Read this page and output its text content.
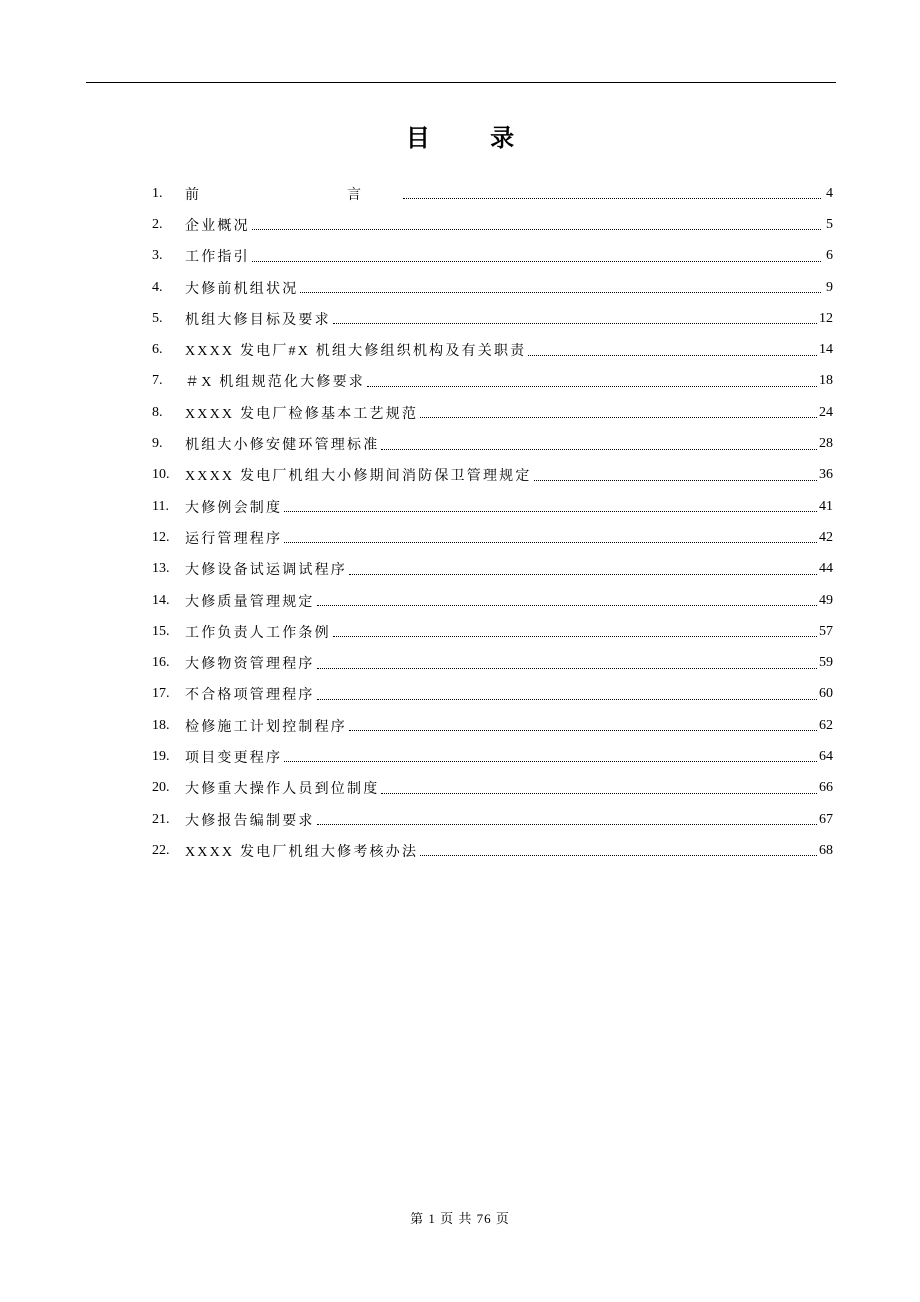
目 录
1.	前　　言	4
2.	企业概况	5
3.	工作指引	6
4.	大修前机组状况	9
5.	机组大修目标及要求	12
6.	XXXX 发电厂#X 机组大修组织机构及有关职责	14
7.	＃X 机组规范化大修要求	18
8.	XXXX 发电厂检修基本工艺规范	24
9.	机组大小修安健环管理标准	28
10.	XXXX 发电厂机组大小修期间消防保卫管理规定	36
11.	大修例会制度	41
12.	运行管理程序	42
13.	大修设备试运调试程序	44
14.	大修质量管理规定	49
15.	工作负责人工作条例	57
16.	大修物资管理程序	59
17.	不合格项管理程序	60
18.	检修施工计划控制程序	62
19.	项目变更程序	64
20.	大修重大操作人员到位制度	66
21.	大修报告编制要求	67
22.	XXXX 发电厂机组大修考核办法	68
第 1 页 共 76 页
